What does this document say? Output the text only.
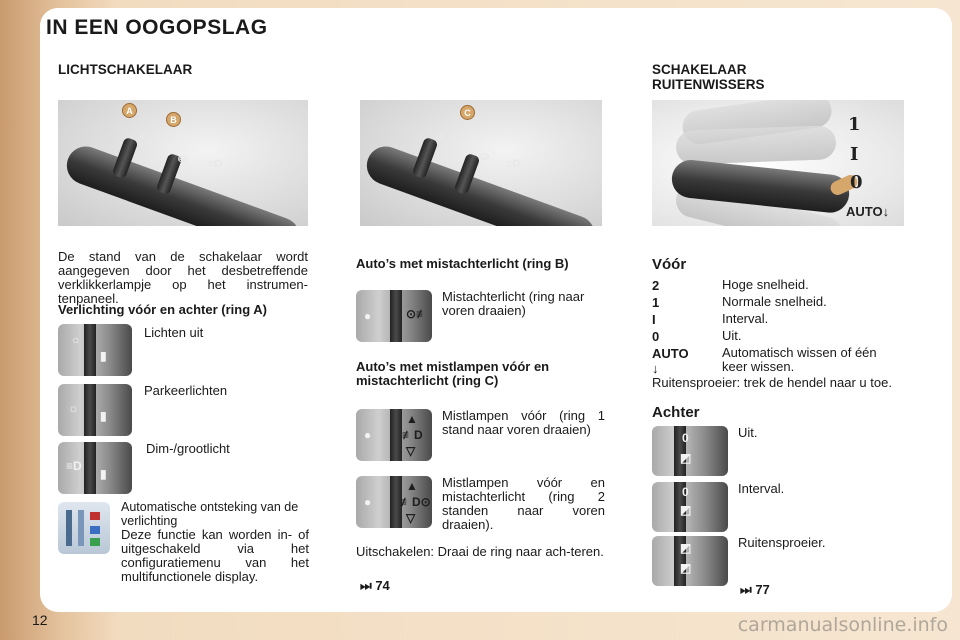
IN EEN OOGOPSLAG
LICHTSCHAKELAAR
●
⛀ ≡D
A
B
De stand van de schakelaar wordt aangegeven door het desbetreffende verklikkerlampje op het instrumen-tenpaneel.
Verlichting vóór en achter (ring A)
○
▮
Lichten uit
☼
▮
Parkeerlichten
≡D
▮
Dim-/grootlicht
Automatische ontsteking van de verlichting
Deze functie kan worden in- of uitgeschakeld via het configuratiemenu van het multifunctionele display.
●
⛀
≡D
C
Auto’s met mistachterlicht (ring B)
●	⊙≢
Mistachterlicht (ring naar voren draaien)
Auto’s met mistlampen vóór en mistachterlicht (ring C)
●
▲
≢D
▽
Mistlampen vóór (ring 1 stand naar voren draaien)
●
▲
≢D⊙
▽
Mistlampen vóór en mistachterlicht (ring 2 standen naar voren draaien).
Uitschakelen: Draai de ring naar ach-teren.
⏭ 74
SCHAKELAAR RUITENWISSERS
1
I
0
AUTO↓
Vóór
2	Hoge snelheid.
1	Normale snelheid.
I	Interval.
0	Uit.
AUTO ↓
Automatisch wissen of één keer wissen.
Ruitensproeier: trek de hendel naar u toe.
Achter
0
◩
Uit.
0
◩
Interval.
◩
◩
Ruitensproeier.
⏭ 77
12	carmanualsonline.info
